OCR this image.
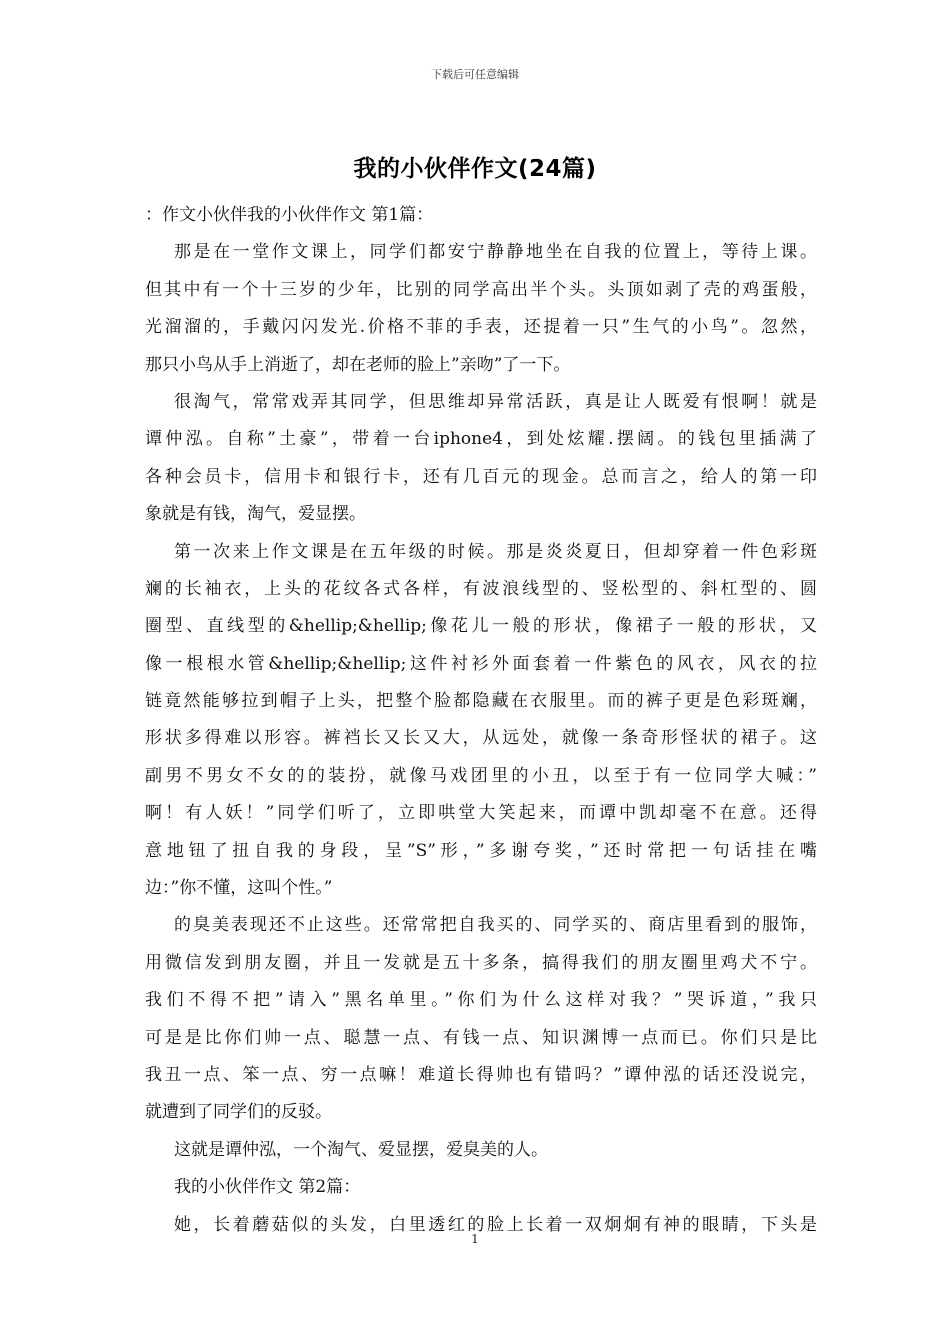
下载后可任意编辑
我的小伙伴作文(24篇)
：作文小伙伴我的小伙伴作文 第1篇：
那是在一堂作文课上，同学们都安宁静静地坐在自我的位置上，等待上课。
但其中有一个十三岁的少年，比别的同学高出半个头。头顶如剥了壳的鸡蛋般，
光溜溜的，手戴闪闪发光.价格不菲的手表，还提着一只”生气的小鸟”。忽然，
那只小鸟从手上消逝了，却在老师的脸上”亲吻”了一下。
很淘气，常常戏弄其同学，但思维却异常活跃，真是让人既爱有恨啊！就是
谭仲泓。自称”土豪”，带着一台iphone4，到处炫耀.摆阔。的钱包里插满了
各种会员卡，信用卡和银行卡，还有几百元的现金。总而言之，给人的第一印
象就是有钱，淘气，爱显摆。
第一次来上作文课是在五年级的时候。那是炎炎夏日，但却穿着一件色彩斑
斓的长袖衣，上头的花纹各式各样，有波浪线型的、竖松型的、斜杠型的、圆
圈型、直线型的&hellip;&hellip;像花儿一般的形状，像裙子一般的形状，又
像一根根水管&hellip;&hellip;这件衬衫外面套着一件紫色的风衣，风衣的拉
链竟然能够拉到帽子上头，把整个脸都隐藏在衣服里。而的裤子更是色彩斑斓，
形状多得难以形容。裤裆长又长又大，从远处，就像一条奇形怪状的裙子。这
副男不男女不女的的装扮，就像马戏团里的小丑，以至于有一位同学大喊：”
啊！有人妖！”同学们听了，立即哄堂大笑起来，而谭中凯却毫不在意。还得
意地钮了扭自我的身段，呈”S”形，”多谢夸奖，”还时常把一句话挂在嘴
边：”你不懂，这叫个性。”
的臭美表现还不止这些。还常常把自我买的、同学买的、商店里看到的服饰，
用微信发到朋友圈，并且一发就是五十多条，搞得我们的朋友圈里鸡犬不宁。
我们不得不把”请入”黑名单里。”你们为什么这样对我？”哭诉道，”我只
可是是比你们帅一点、聪慧一点、有钱一点、知识渊博一点而已。你们只是比
我丑一点、笨一点、穷一点嘛！难道长得帅也有错吗？”谭仲泓的话还没说完，
就遭到了同学们的反驳。
这就是谭仲泓，一个淘气、爱显摆，爱臭美的人。
我的小伙伴作文 第2篇：
她，长着蘑菇似的头发，白里透红的脸上长着一双炯炯有神的眼睛，下头是
1
